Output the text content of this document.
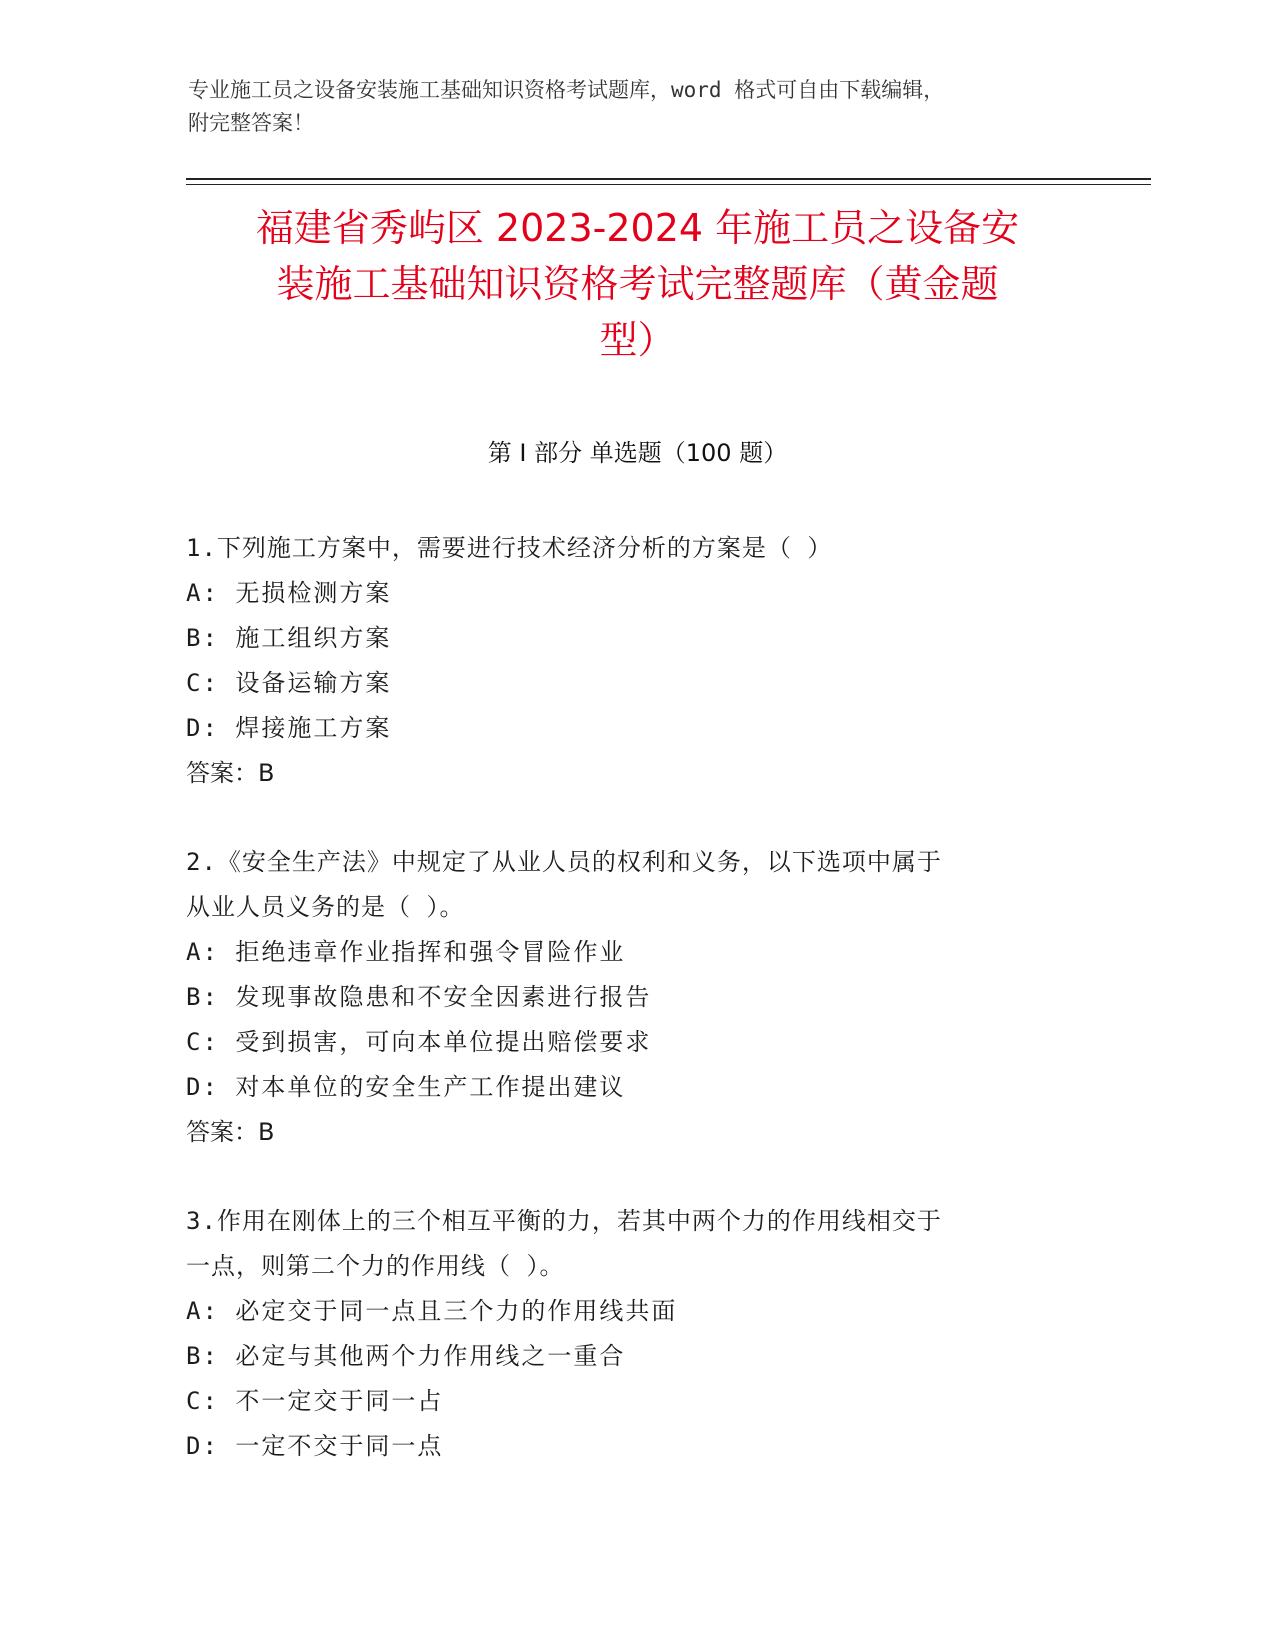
专业施工员之设备安装施工基础知识资格考试题库，word 格式可自由下载编辑，
附完整答案！
福建省秀屿区 2023-2024 年施工员之设备安
装施工基础知识资格考试完整题库（黄金题
型）
第 I 部分 单选题（100 题）
1.下列施工方案中，需要进行技术经济分析的方案是（ ）
A: 无损检测方案
B: 施工组织方案
C: 设备运输方案
D: 焊接施工方案
答案：B
2.《安全生产法》中规定了从业人员的权利和义务，以下选项中属于
从业人员义务的是（ ）。
A: 拒绝违章作业指挥和强令冒险作业
B: 发现事故隐患和不安全因素进行报告
C: 受到损害，可向本单位提出赔偿要求
D: 对本单位的安全生产工作提出建议
答案：B
3.作用在刚体上的三个相互平衡的力，若其中两个力的作用线相交于
一点，则第二个力的作用线（ ）。
A: 必定交于同一点且三个力的作用线共面
B: 必定与其他两个力作用线之一重合
C: 不一定交于同一占
D: 一定不交于同一点
